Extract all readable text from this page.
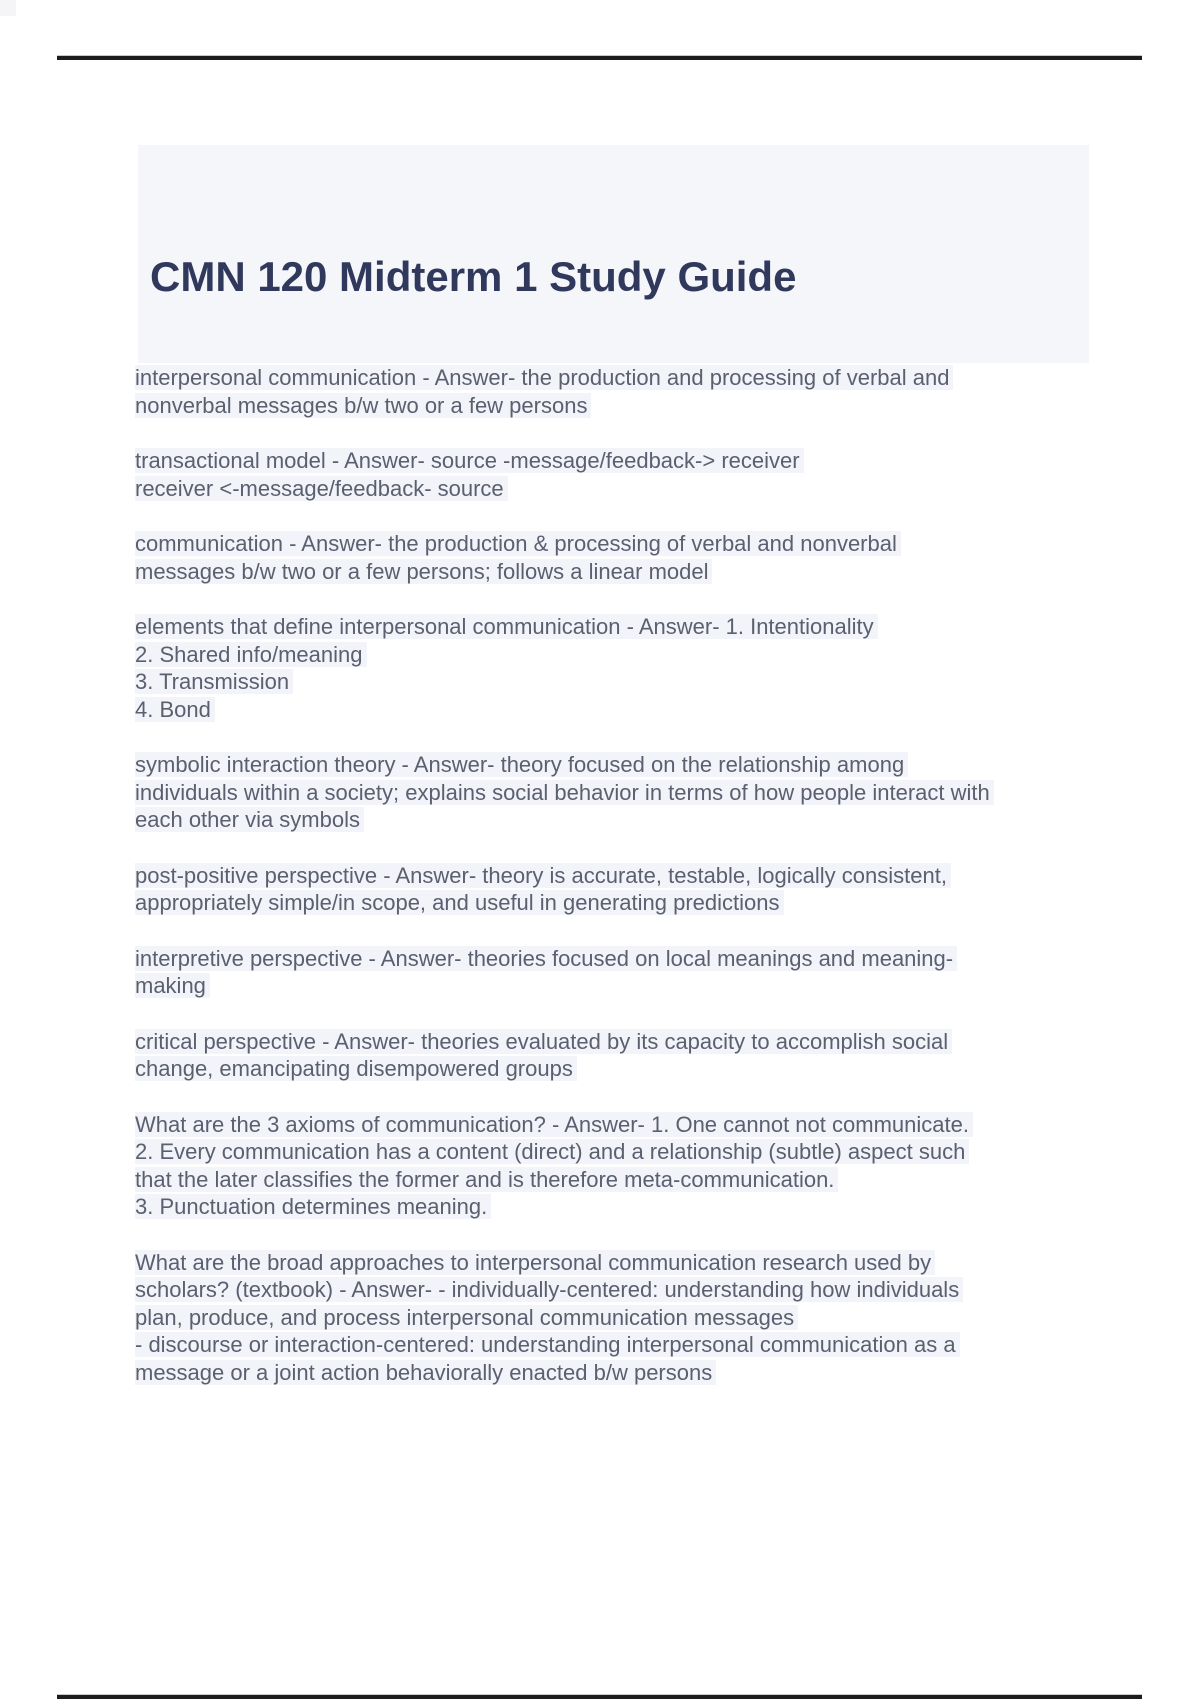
CMN 120 Midterm 1 Study Guide
interpersonal communication - Answer- the production and processing of verbal and
nonverbal messages b/w two or a few persons
transactional model - Answer- source -message/feedback-> receiver
receiver <-message/feedback- source
communication - Answer- the production & processing of verbal and nonverbal
messages b/w two or a few persons; follows a linear model
elements that define interpersonal communication - Answer- 1. Intentionality
2. Shared info/meaning
3. Transmission
4. Bond
symbolic interaction theory - Answer- theory focused on the relationship among
individuals within a society; explains social behavior in terms of how people interact with
each other via symbols
post-positive perspective - Answer- theory is accurate, testable, logically consistent,
appropriately simple/in scope, and useful in generating predictions
interpretive perspective - Answer- theories focused on local meanings and meaning-
making
critical perspective - Answer- theories evaluated by its capacity to accomplish social
change, emancipating disempowered groups
What are the 3 axioms of communication? - Answer- 1. One cannot not communicate.
2. Every communication has a content (direct) and a relationship (subtle) aspect such
that the later classifies the former and is therefore meta-communication.
3. Punctuation determines meaning.
What are the broad approaches to interpersonal communication research used by
scholars? (textbook) - Answer- - individually-centered: understanding how individuals
plan, produce, and process interpersonal communication messages
- discourse or interaction-centered: understanding interpersonal communication as a
message or a joint action behaviorally enacted b/w persons
